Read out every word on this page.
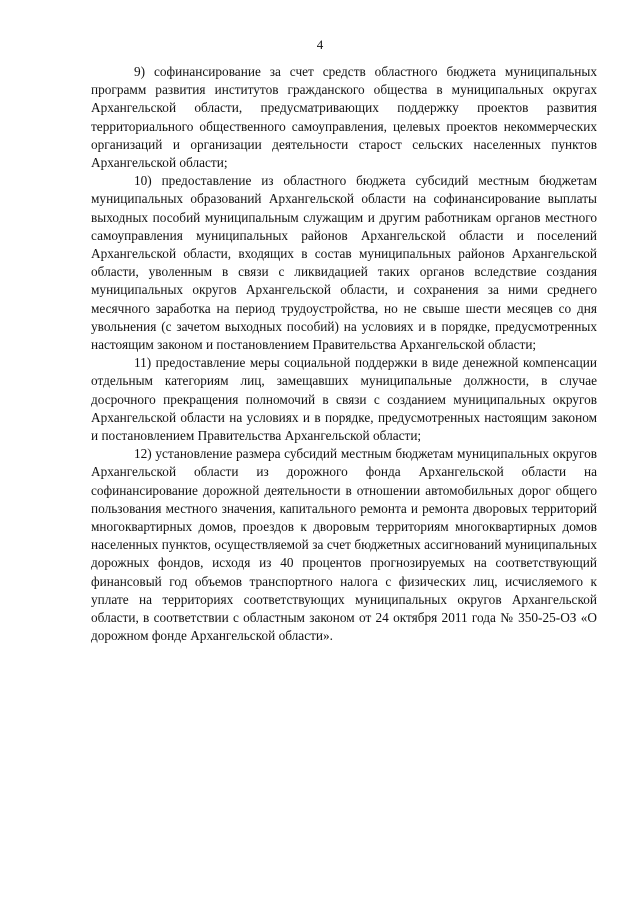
4

9) софинансирование за счет средств областного бюджета муниципальных программ развития институтов гражданского общества в муниципальных округах Архангельской области, предусматривающих поддержку проектов развития территориального общественного самоуправления, целевых проектов некоммерческих организаций и организации деятельности старост сельских населенных пунктов Архангельской области;

10) предоставление из областного бюджета субсидий местным бюджетам муниципальных образований Архангельской области на софинансирование выплаты выходных пособий муниципальным служащим и другим работникам органов местного самоуправления муниципальных районов Архангельской области и поселений Архангельской области, входящих в состав муниципальных районов Архангельской области, уволенным в связи с ликвидацией таких органов вследствие создания муниципальных округов Архангельской области, и сохранения за ними среднего месячного заработка на период трудоустройства, но не свыше шести месяцев со дня увольнения (с зачетом выходных пособий) на условиях и в порядке, предусмотренных настоящим законом и постановлением Правительства Архангельской области;

11) предоставление меры социальной поддержки в виде денежной компенсации отдельным категориям лиц, замещавших муниципальные должности, в случае досрочного прекращения полномочий в связи с созданием муниципальных округов Архангельской области на условиях и в порядке, предусмотренных настоящим законом и постановлением Правительства Архангельской области;

12) установление размера субсидий местным бюджетам муниципальных округов Архангельской области из дорожного фонда Архангельской области на софинансирование дорожной деятельности в отношении автомобильных дорог общего пользования местного значения, капитального ремонта и ремонта дворовых территорий многоквартирных домов, проездов к дворовым территориям многоквартирных домов населенных пунктов, осуществляемой за счет бюджетных ассигнований муниципальных дорожных фондов, исходя из 40 процентов прогнозируемых на соответствующий финансовый год объемов транспортного налога с физических лиц, исчисляемого к уплате на территориях соответствующих муниципальных округов Архангельской области, в соответствии с областным законом от 24 октября 2011 года № 350-25-ОЗ «О дорожном фонде Архангельской области».
